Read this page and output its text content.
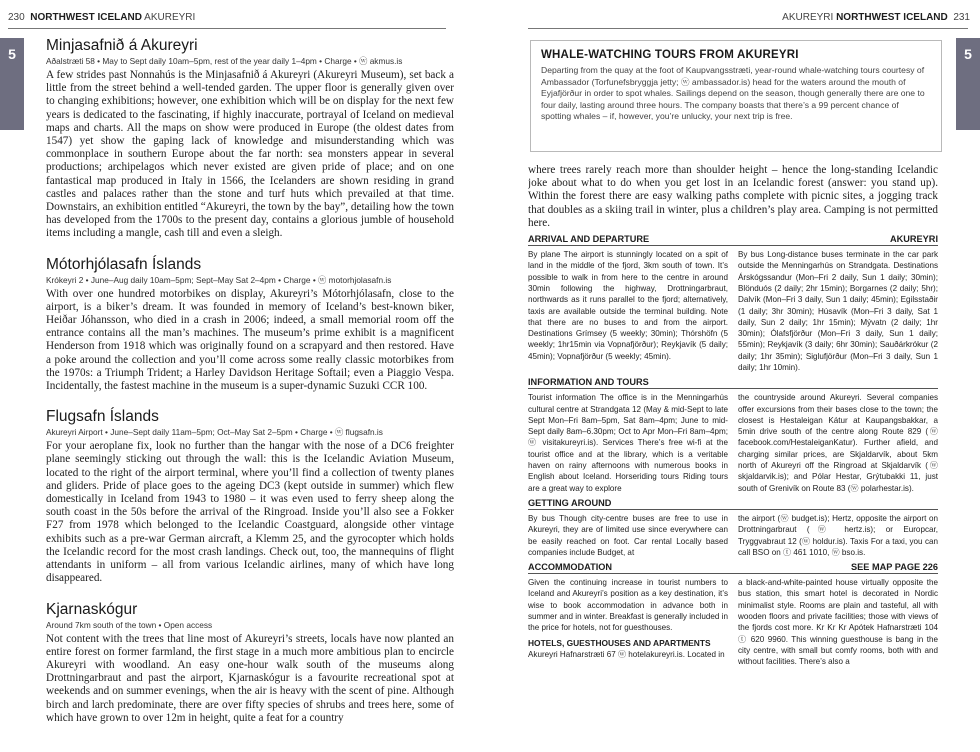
230 NORTHWEST ICELAND AKUREYRI
5	Minjasafnið á Akureyri
Aðalstræti 58 • May to Sept daily 10am–5pm, rest of the year daily 1–4pm • Charge • ⓦ akmus.is

A few strides past Nonnahús is the Minjasafnið á Akureyri (Akureyri Museum), set back a little from the street behind a well-tended garden. The upper floor is generally given over to changing exhibitions; however, one exhibition which will be on display for the next few years is dedicated to the fascinating, if highly inaccurate, portrayal of Iceland on medieval maps and charts. All the maps on show were produced in Europe (the oldest dates from 1547) yet show the gaping lack of knowledge and misunderstanding which was commonplace in southern Europe about the far north: sea monsters appear in several productions; archipelagos which never existed are given pride of place; and on one fantastical map produced in Italy in 1566, the Icelanders are shown residing in grand castles and palaces rather than the stone and turf huts which prevailed at that time. Downstairs, an exhibition entitled “Akureyri, the town by the bay”, detailing how the town has developed from the 1700s to the present day, contains a glorious jumble of household items including a mangle, cash till and even a sleigh.

Mótorhjólasafn Íslands
Krókeyri 2 • June–Aug daily 10am–5pm; Sept–May Sat 2–4pm • Charge • ⓦ motorhjolasafn.is

With over one hundred motorbikes on display, Akureyri’s Mótorhjólasafn, close to the airport, is a biker’s dream. It was founded in memory of Iceland’s best-known biker, Heiðar Jóhansson, who died in a crash in 2006; indeed, a small memorial room off the entrance contains all the man’s machines. The museum’s prime exhibit is a magnificent Henderson from 1918 which was originally found on a scrapyard and then restored. Have a poke around the collection and you’ll come across some really classic motorbikes from the 1970s: a Triumph Trident; a Harley Davidson Heritage Softail; even a Piaggio Vespa. Incidentally, the fastest machine in the museum is a super-dynamic Suzuki CCR 100.

Flugsafn Íslands
Akureyri Airport • June–Sept daily 11am–5pm; Oct–May Sat 2–5pm • Charge • ⓦ flugsafn.is

For your aeroplane fix, look no further than the hangar with the nose of a DC6 freighter plane seemingly sticking out through the wall: this is the Icelandic Aviation Museum, located to the right of the airport terminal, where you’ll find a collection of twenty planes and gliders. Pride of place goes to the ageing DC3 (kept outside in summer) which flew domestically in Iceland from 1943 to 1980 – it was even used to ferry sheep along the south coast in the 50s before the arrival of the Ringroad. Inside you’ll also see a Fokker F27 from 1978 which belonged to the Icelandic Coastguard, alongside other vintage exhibits such as a pre-war German aircraft, a Klemm 25, and the gyrocopter which holds the Icelandic record for the most crash landings. Check out, too, the mannequins of flight attendants in uniform – all from various Icelandic airlines, many of which have long disappeared.

Kjarnaskógur
Around 7km south of the town • Open access

Not content with the trees that line most of Akureyri’s streets, locals have now planted an entire forest on former farmland, the first stage in a much more ambitious plan to encircle Akureyri with woodland. An easy one-hour walk south of the museums along Drottningarbraut and past the airport, Kjarnaskógur is a favourite recreational spot at weekends and on summer evenings, when the air is heavy with the scent of pine. Although birch and larch predominate, there are over fifty species of shrubs and trees here, some of which have grown to over 12m in height, quite a feat for a country

AKUREYRI NORTHWEST ICELAND 231
5
WHALE-WATCHING TOURS FROM AKUREYRI

Departing from the quay at the foot of Kaupvangsstræti, year-round whale-watching tours courtesy of Ambassador (Torfunefsbryggja jetty; ⓦ ambassador.is) head for the waters around the mouth of Eyjafjörður in order to spot whales. Sailings depend on the season, though generally there are one to four daily, lasting around three hours. The company boasts that there’s a 99 percent chance of spotting whales – if, however, you’re unlucky, your next trip is free.

where trees rarely reach more than shoulder height – hence the long-standing Icelandic joke about what to do when you get lost in an Icelandic forest (answer: you stand up). Within the forest there are easy walking paths complete with picnic sites, a jogging track that doubles as a skiing trail in winter, plus a children’s play area. Camping is not permitted here.

ARRIVAL AND DEPARTURE	AKUREYRI

By plane The airport is stunningly located on a spit of land in the middle of the fjord, 3km south of town. It’s possible to walk in from here to the centre in around 30min following the highway, Drottningarbraut, northwards as it runs parallel to the fjord; alternatively, taxis are available outside the terminal building. Note that there are no buses to and from the airport. Destinations Grímsey (5 weekly; 30min); Thórshöfn (5 weekly; 1hr15min via Vopnafjörður); Reykjavík (5 daily; 45min); Vopnafjörður (5 weekly; 45min).

By bus Long-distance buses terminate in the car park outside the Menningarhús on Strandgata. Destinations Árskógssandur (Mon–Fri 2 daily, Sun 1 daily; 30min); Blönduós (2 daily; 2hr 15min); Borgarnes (2 daily; 5hr); Dalvík (Mon–Fri 3 daily, Sun 1 daily; 45min); Egilsstaðir (1 daily; 3hr 30min); Húsavík (Mon–Fri 3 daily, Sat 1 daily, Sun 2 daily; 1hr 15min); Mývatn (2 daily; 1hr 30min); Ólafsfjörður (Mon–Fri 3 daily, Sun 1 daily; 55min); Reykjavík (3 daily; 6hr 30min); Sauðárkrókur (2 daily; 1hr 35min); Siglufjörður (Mon–Fri 3 daily, Sun 1 daily; 1hr 10min).

INFORMATION AND TOURS

Tourist information The office is in the Menningarhús cultural centre at Strandgata 12 (May & mid-Sept to late Sept Mon–Fri 8am–5pm, Sat 8am–4pm; June to mid-Sept daily 8am–6.30pm; Oct to Apr Mon–Fri 8am–4pm; ⓦ visitakureyri.is). Services There’s free wi-fi at the tourist office and at the library, which is a veritable haven on rainy afternoons with numerous books in English about Iceland. Horseriding tours Riding tours are a great way to explore

the countryside around Akureyri. Several companies offer excursions from their bases close to the town; the closest is Hestaleigan Kátur at Kaupangsbakkar, a 5min drive south of the centre along Route 829 (ⓦ facebook.com/HestaleiganKatur). Further afield, and charging similar prices, are Skjaldarvík, about 5km north of Akureyri off the Ringroad at Skjaldarvík (ⓦ skjaldarvik.is); and Pólar Hestar, Grýtubakki 11, just south of Grenivík on Route 83 (ⓦ polarhestar.is).

GETTING AROUND

By bus Though city-centre buses are free to use in Akureyri, they are of limited use since everywhere can be easily reached on foot. Car rental Locally based companies include Budget, at

the airport (ⓦ budget.is); Hertz, opposite the airport on Drottningarbraut (ⓦ hertz.is); or Europcar, Tryggvabraut 12 (ⓦ holdur.is). Taxis For a taxi, you can call BSO on ⓣ 461 1010, ⓦ bso.is.

ACCOMMODATION	SEE MAP PAGE 226

Given the continuing increase in tourist numbers to Iceland and Akureyri’s position as a key destination, it’s wise to book accommodation in advance both in summer and in winter. Breakfast is generally included in the price for hotels, not for guesthouses.

HOTELS, GUESTHOUSES AND APARTMENTS

Akureyri Hafnarstræti 67 ⓦ hotelakureyri.is. Located in

a black-and-white-painted house virtually opposite the bus station, this smart hotel is decorated in Nordic minimalist style. Rooms are plain and tasteful, all with wooden floors and private facilities; those with views of the fjords cost more. Kr Kr Kr Apótek Hafnarstræti 104 ⓣ 620 9960. This winning guesthouse is bang in the city centre, with small but comfy rooms, both with and without facilities. There’s also a
